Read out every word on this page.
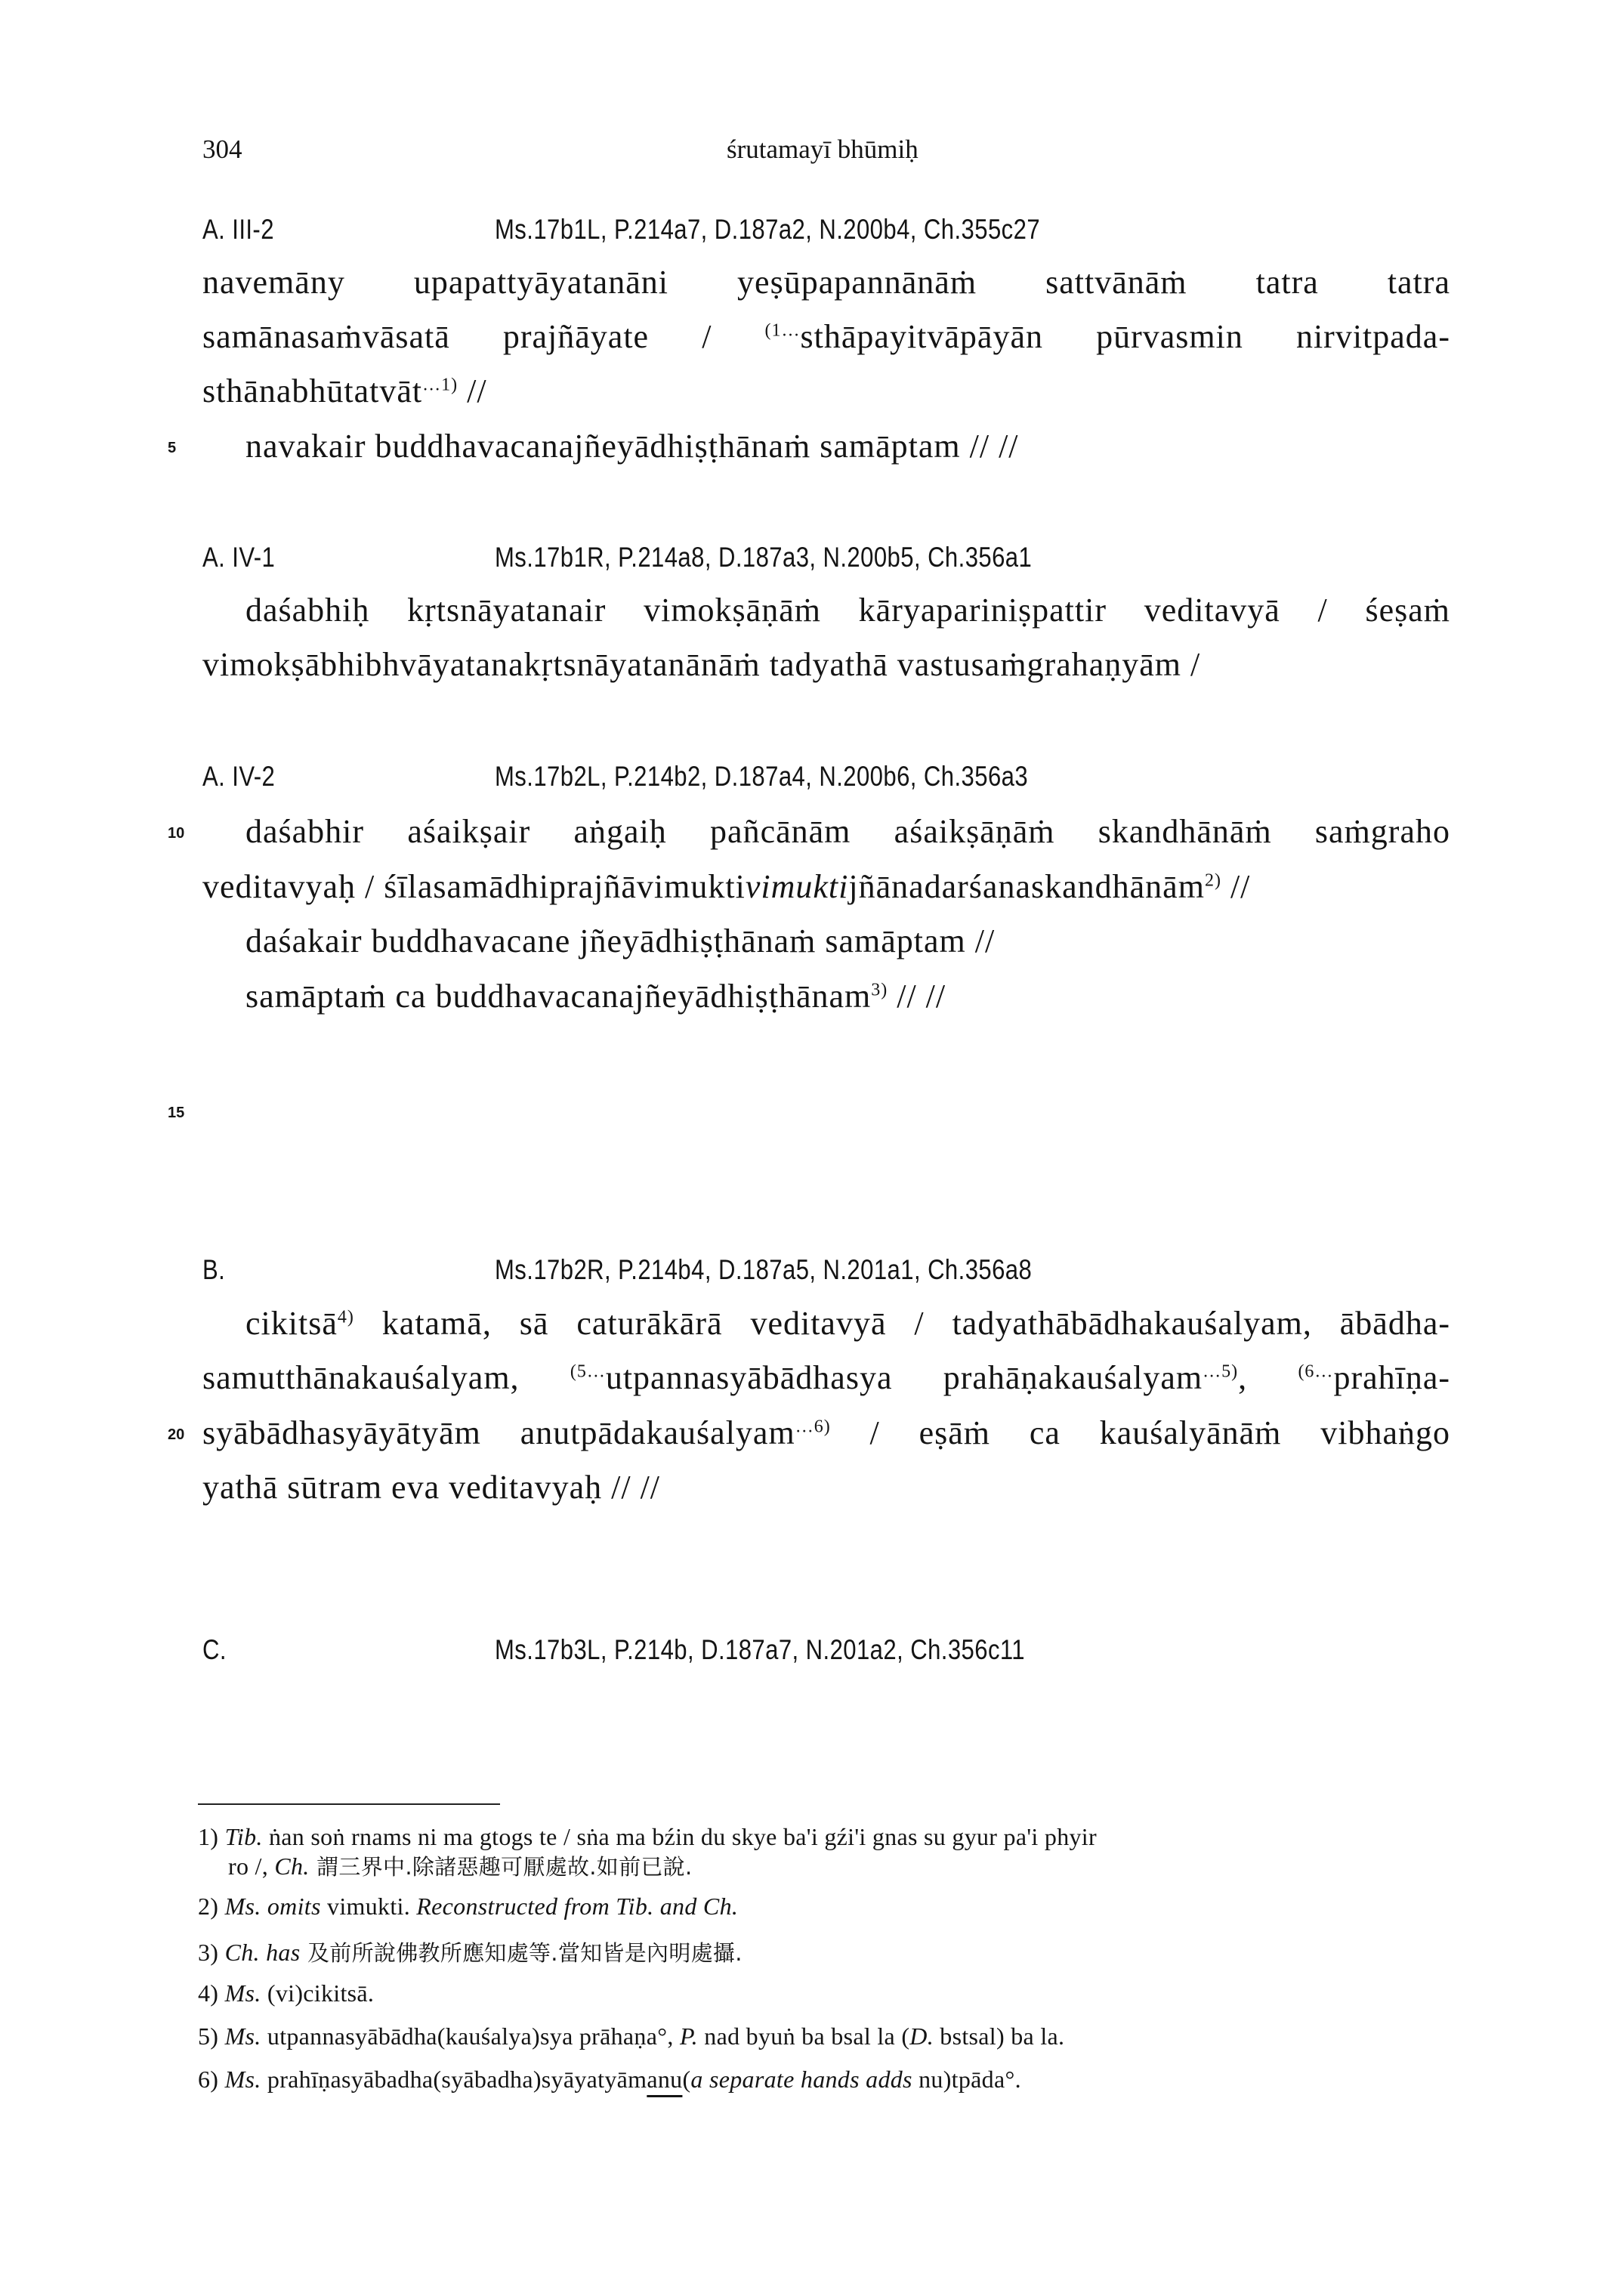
304	śrutamayī bhūmiḥ
A. III-2	Ms.17b1L, P.214a7, D.187a2, N.200b4, Ch.355c27
navemāny upapattyāyatanāni yeṣūpapannānāṁ sattvānāṁ tatra tatra
samānasaṁvāsatā prajñāyate / $^{(1\dots}$sthāpayitvāpāyān pūrvasmin nirvitpada-
sthānabhūtatvāt$^{\dots 1)}$ //
5 navakair buddhavacanajñeyādhiṣṭhānaṁ samāptam // //
A. IV-1	Ms.17b1R, P.214a8, D.187a3, N.200b5, Ch.356a1
daśabhiḥ kṛtsnāyatanair vimokṣāṇāṁ kāryapariniṣpattir veditavyā / śeṣaṁ
vimokṣābhibhvāyatanakṛtsnāyatanānāṁ tadyathā vastusaṁgrahaṇyām /
A. IV-2	Ms.17b2L, P.214b2, D.187a4, N.200b6, Ch.356a3
10 daśabhir aśaikṣair aṅgaiḥ pañcānām aśaikṣāṇāṁ skandhānāṁ saṁgraho
veditavyaḥ / śīlasamādhiprajñāvimuktivimuktijñānadarśanaskandhānām$^{2)}$ //
daśakair buddhavacane jñeyādhiṣṭhānaṁ samāptam //
samāptaṁ ca buddhavacanajñeyādhiṣṭhānam$^{3)}$ // //
15
B.	Ms.17b2R, P.214b4, D.187a5, N.201a1, Ch.356a8
cikitsā$^{4)}$ katamā, sā caturākārā veditavyā / tadyathābādhakauśalyam, ābādha-
samutthānakauśalyam, $^{(5\dots}$utpannasyābādhasya prahāṇakauśalyam$^{\dots 5)}$, $^{(6\dots}$prahīṇa-
20 syābādhasyāyātyām anutpādakauśalyam$^{\dots 6)}$ / eṣāṁ ca kauśalyānāṁ vibhaṅgo
yathā sūtram eva veditavyaḥ // //
C.	Ms.17b3L, P.214b, D.187a7, N.201a2, Ch.356c11
1) Tib. ṅan soṅ rnams ni ma gtogs te / sṅa ma bźin du skye ba'i gźi'i gnas su gyur pa'i phyir
ro /, Ch. 謂三界中.除諸惡趣可厭處故.如前已說.
2) Ms. omits vimukti. Reconstructed from Tib. and Ch.
3) Ch. has 及前所說佛教所應知處等.當知皆是內明處攝.
4) Ms. (vi)cikitsā.
5) Ms. utpannasyābādha(kauśalya)sya prāhaṇa°, P. nad byuṅ ba bsal la (D. bstsal) ba la.
6) Ms. prahīṇasyābadha(syābadha)syāyatyāmanu(a separate hands adds nu)tpāda°.
